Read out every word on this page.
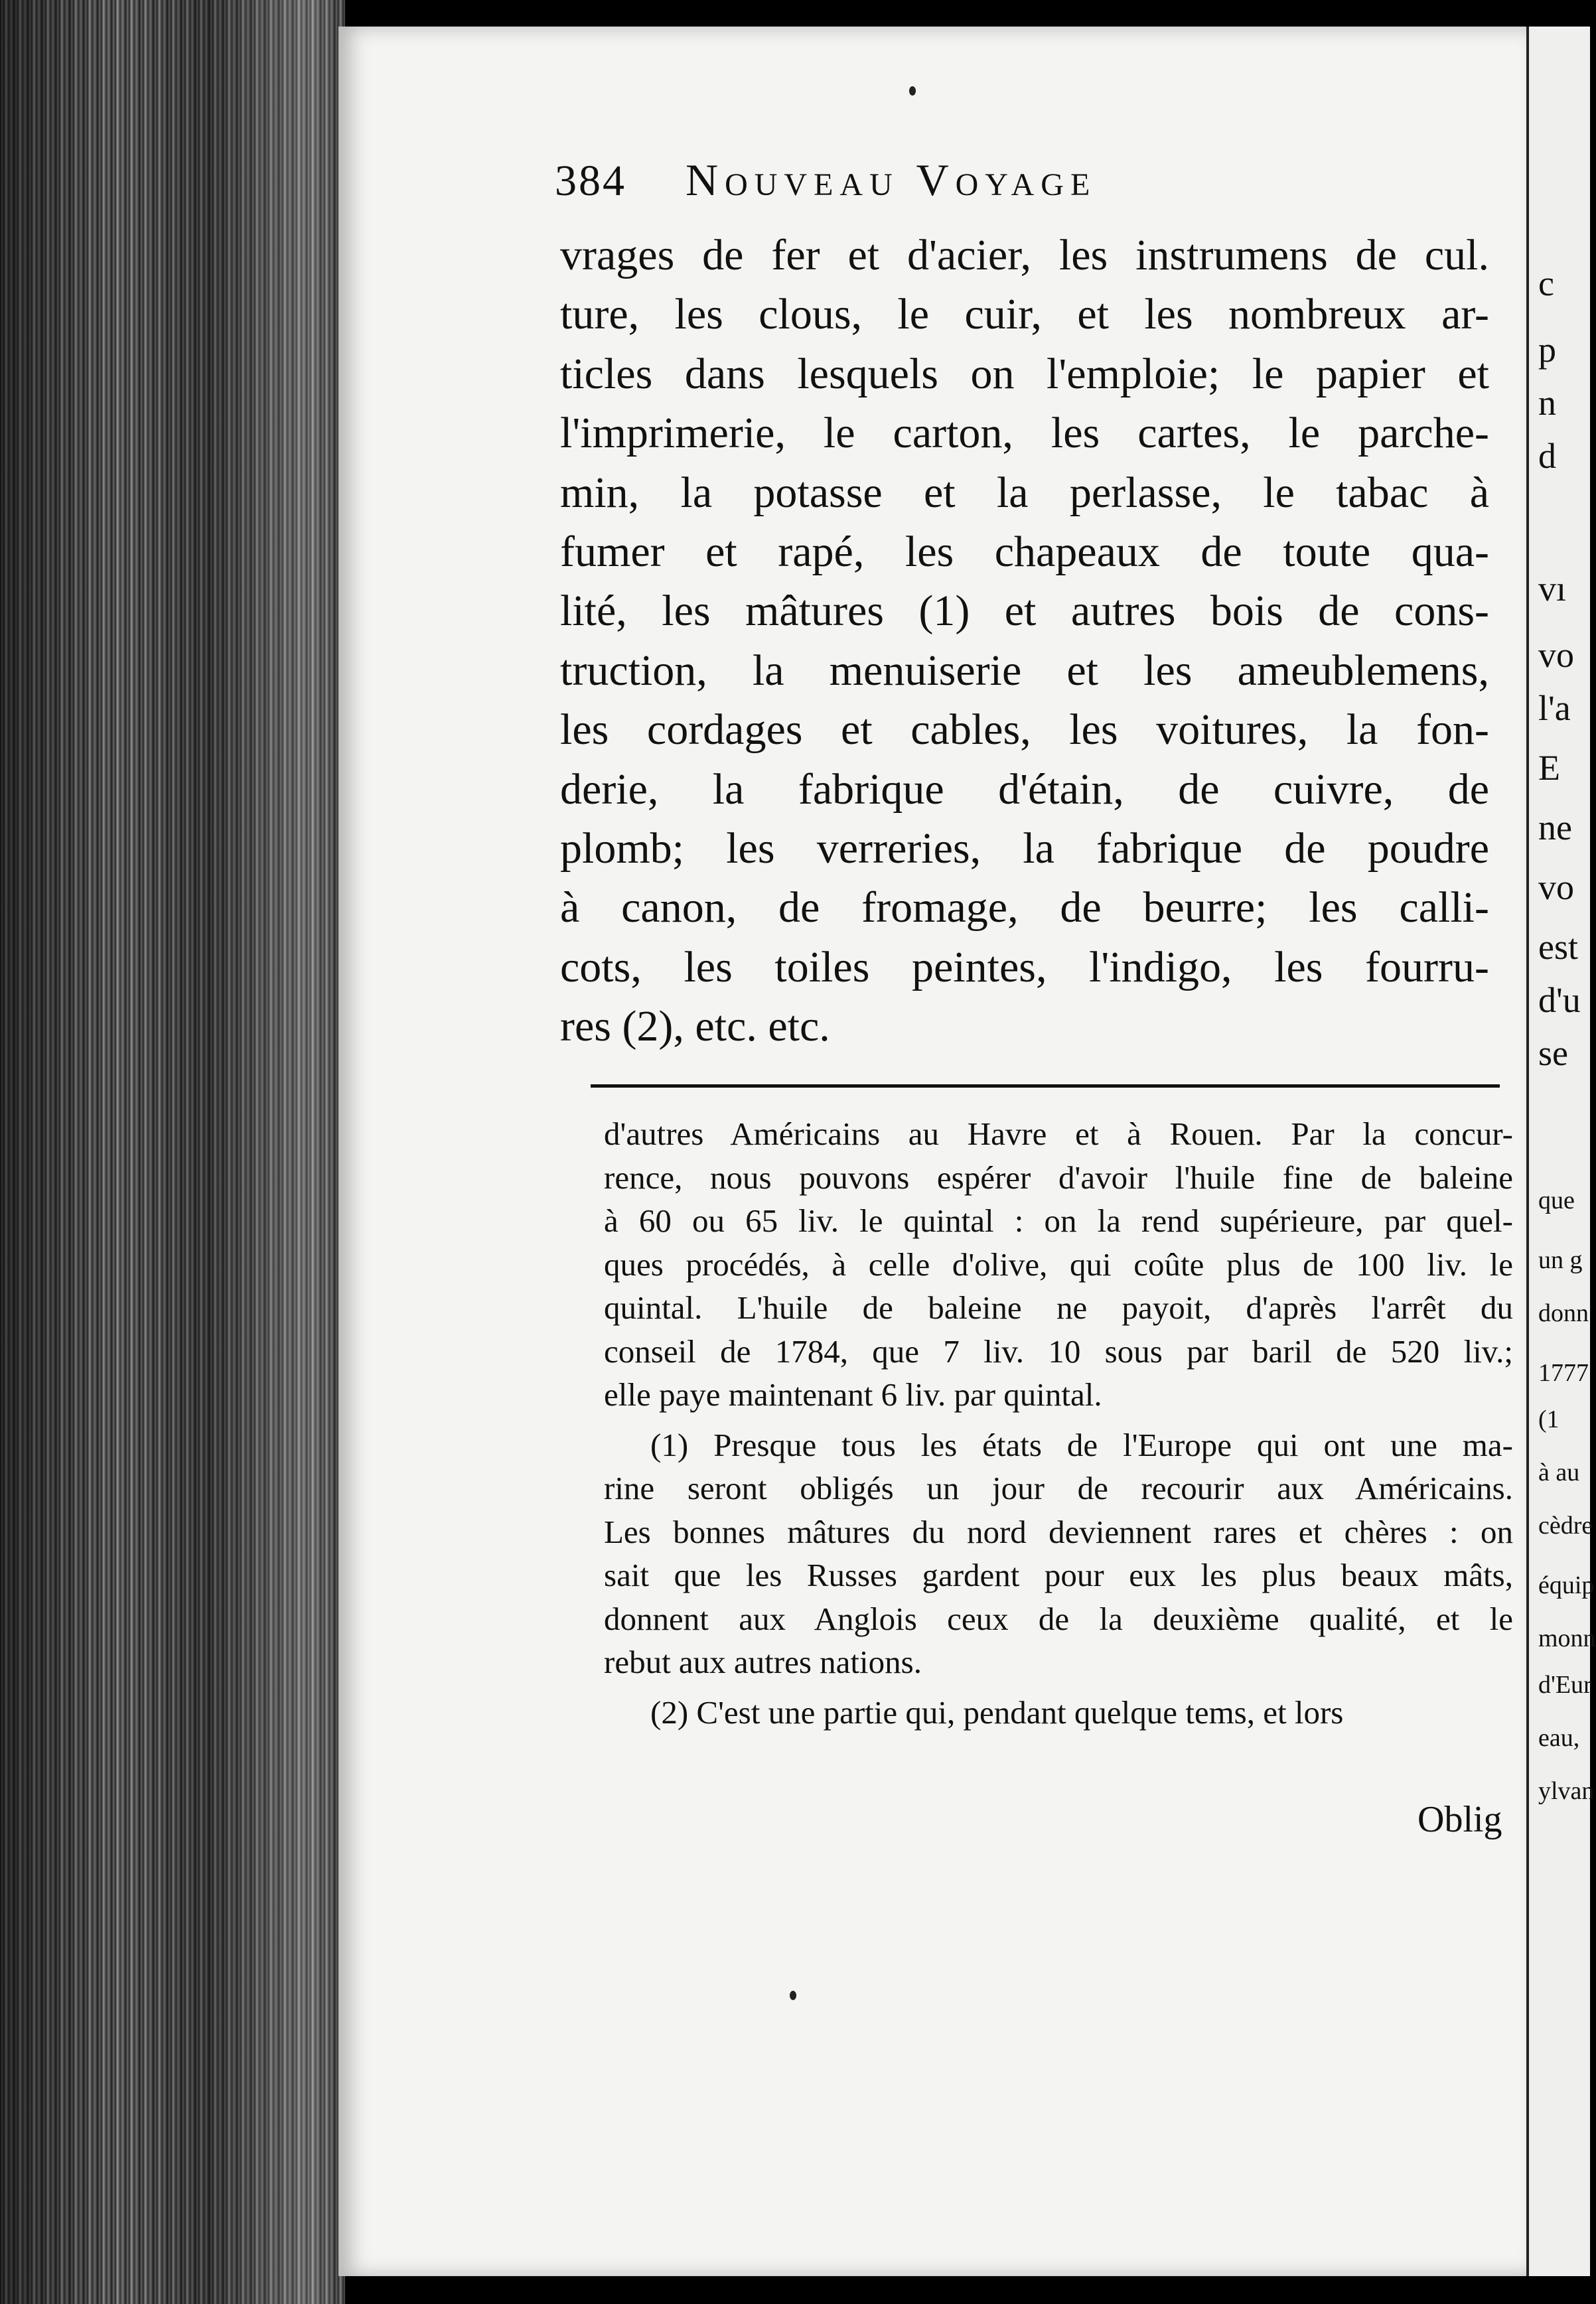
c
p
n
d
vı
vo
l'a
E
ne
vo
est
d'u
se
que
un g
donn
1777
(1
à au
cèdre
équip
monn
d'Eur
eau,
ylvan
384 Nouveau Voyage
vrages de fer et d'acier, les instrumens de cul.
ture, les clous, le cuir, et les nombreux ar-
ticles dans lesquels on l'emploie; le papier et
l'imprimerie, le carton, les cartes, le parche-
min, la potasse et la perlasse, le tabac à
fumer et rapé, les chapeaux de toute qua-
lité, les mâtures (1) et autres bois de cons-
truction, la menuiserie et les ameublemens,
les cordages et cables, les voitures, la fon-
derie, la fabrique d'étain, de cuivre, de
plomb; les verreries, la fabrique de poudre
à canon, de fromage, de beurre; les calli-
cots, les toiles peintes, l'indigo, les fourru-
res (2), etc. etc.
d'autres Américains au Havre et à Rouen. Par la concur-
rence, nous pouvons espérer d'avoir l'huile fine de baleine
à 60 ou 65 liv. le quintal : on la rend supérieure, par quel-
ques procédés, à celle d'olive, qui coûte plus de 100 liv. le
quintal. L'huile de baleine ne payoit, d'après l'arrêt du
conseil de 1784, que 7 liv. 10 sous par baril de 520 liv.;
elle paye maintenant 6 liv. par quintal.
(1) Presque tous les états de l'Europe qui ont une ma-
rine seront obligés un jour de recourir aux Américains.
Les bonnes mâtures du nord deviennent rares et chères : on
sait que les Russes gardent pour eux les plus beaux mâts,
donnent aux Anglois ceux de la deuxième qualité, et le
rebut aux autres nations.
(2) C'est une partie qui, pendant quelque tems, et lors
Oblig
